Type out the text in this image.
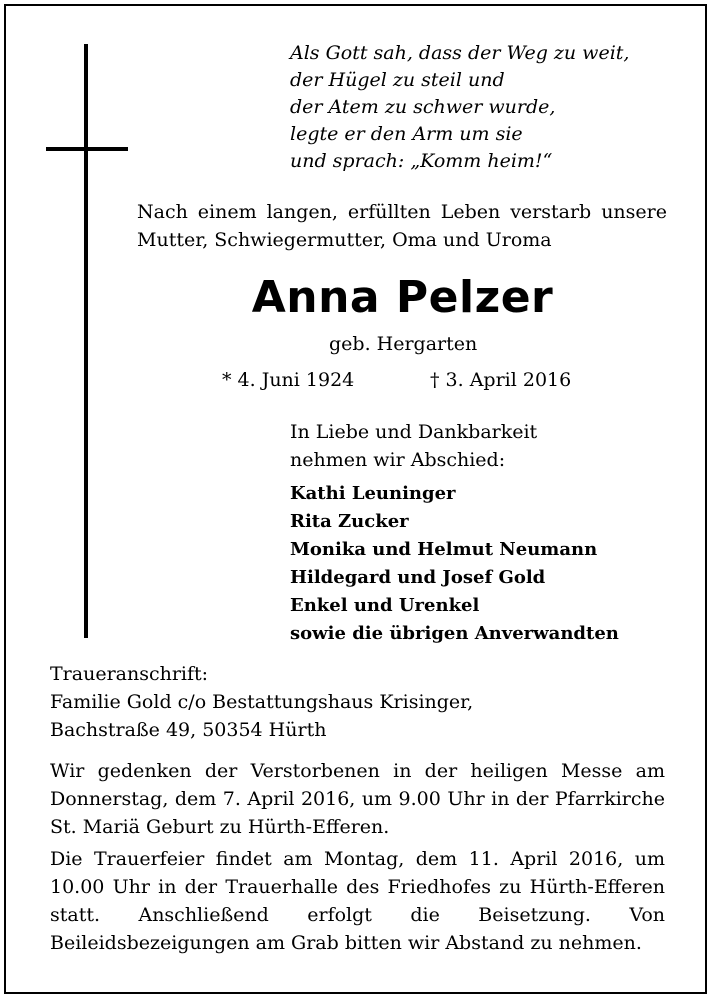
Als Gott sah, dass der Weg zu weit,
der Hügel zu steil und
der Atem zu schwer wurde,
legte er den Arm um sie
und sprach: „Komm heim!“

Nach einem langen, erfüllten Leben verstarb unsere Mutter, Schwiegermutter, Oma und Uroma

Anna Pelzer
geb. Hergarten
* 4. Juni 1924	† 3. April 2016
In Liebe und Dankbarkeit
nehmen wir Abschied:
Kathi Leuninger
Rita Zucker
Monika und Helmut Neumann
Hildegard und Josef Gold
Enkel und Urenkel
sowie die übrigen Anverwandten
Traueranschrift:
Familie Gold c/o Bestattungshaus Krisinger,
Bachstraße 49, 50354 Hürth

Wir gedenken der Verstorbenen in der heiligen Messe am Donnerstag, dem 7. April 2016, um 9.00 Uhr in der Pfarrkirche St. Mariä Geburt zu Hürth-Efferen.

Die Trauerfeier findet am Montag, dem 11. April 2016, um 10.00 Uhr in der Trauerhalle des Friedhofes zu Hürth-Efferen statt. Anschließend erfolgt die Beisetzung. Von Beileidsbezeigungen am Grab bitten wir Abstand zu nehmen.
